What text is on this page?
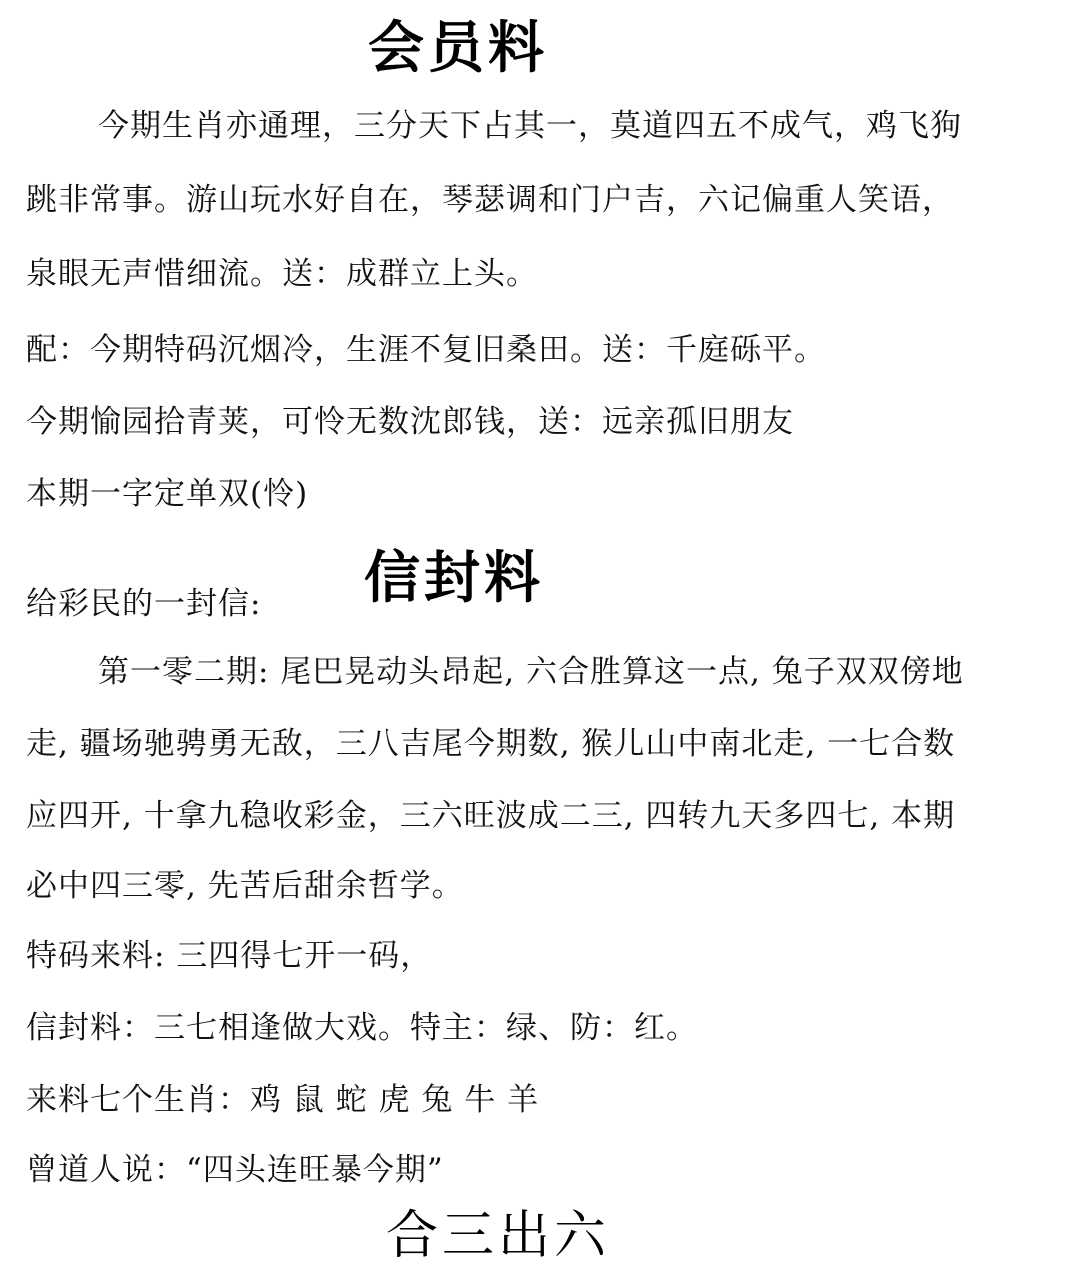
会员料
今期生肖亦通理，三分天下占其一，莫道四五不成气，鸡飞狗
跳非常事。游山玩水好自在，琴瑟调和门户吉，六记偏重人笑语，
泉眼无声惜细流。送：成群立上头。
配：今期特码沉烟冷，生涯不复旧桑田。送：千庭砾平。
今期愉园拾青荚，可怜无数沈郎钱，送：远亲孤旧朋友
本期一字定单双(怜)
给彩民的一封信:	信封料
第一零二期: 尾巴晃动头昂起, 六合胜算这一点, 兔子双双傍地
走, 疆场驰骋勇无敌，三八吉尾今期数, 猴儿山中南北走, 一七合数
应四开, 十拿九稳收彩金，三六旺波成二三, 四转九天多四七, 本期
必中四三零, 先苦后甜余哲学。
特码来料: 三四得七开一码，
信封料：三七相逢做大戏。特主：绿、防：红。
来料七个生肖：鸡 鼠 蛇 虎 兔 牛 羊
曾道人说：“四头连旺暴今期”
合三出六
